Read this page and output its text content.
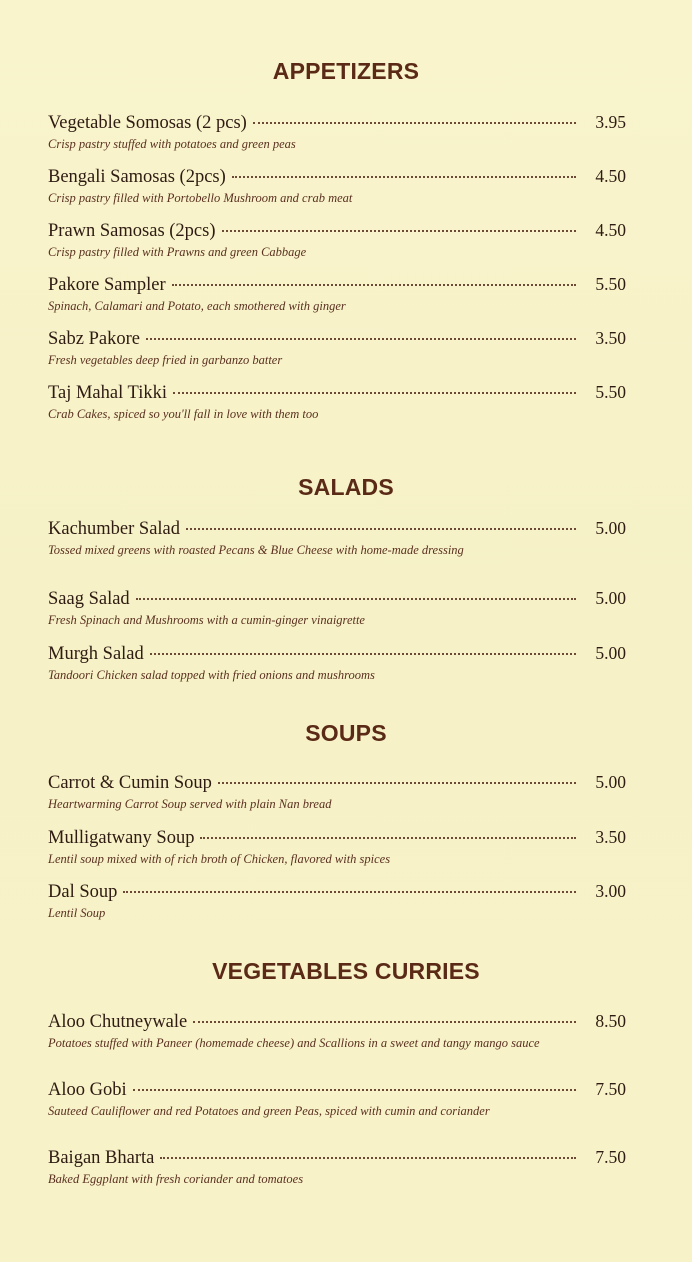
APPETIZERS
Vegetable Somosas (2 pcs)	3.95
Crisp pastry stuffed with potatoes and green peas
Bengali Samosas (2pcs)	4.50
Crisp pastry filled with Portobello Mushroom and crab meat
Prawn Samosas (2pcs)	4.50
Crisp pastry filled with Prawns and green Cabbage
Pakore Sampler	5.50
Spinach, Calamari and Potato, each smothered with ginger
Sabz Pakore	3.50
Fresh vegetables deep fried in garbanzo batter
Taj Mahal Tikki	5.50
Crab Cakes, spiced so you'll fall in love with them too
SALADS
Kachumber Salad	5.00
Tossed mixed greens with roasted Pecans & Blue Cheese with home-made dressing
Saag Salad	5.00
Fresh Spinach and Mushrooms with a cumin-ginger vinaigrette
Murgh Salad	5.00
Tandoori Chicken salad topped with fried onions and mushrooms
SOUPS
Carrot & Cumin Soup	5.00
Heartwarming Carrot Soup served with plain Nan bread
Mulligatwany Soup	3.50
Lentil soup mixed with of rich broth of Chicken, flavored with spices
Dal Soup	3.00
Lentil Soup
VEGETABLES CURRIES
Aloo Chutneywale	8.50
Potatoes stuffed with Paneer (homemade cheese) and Scallions in a sweet and tangy mango sauce
Aloo Gobi	7.50
Sauteed Cauliflower and red Potatoes and green Peas, spiced with cumin and coriander
Baigan Bharta	7.50
Baked Eggplant with fresh coriander and tomatoes
